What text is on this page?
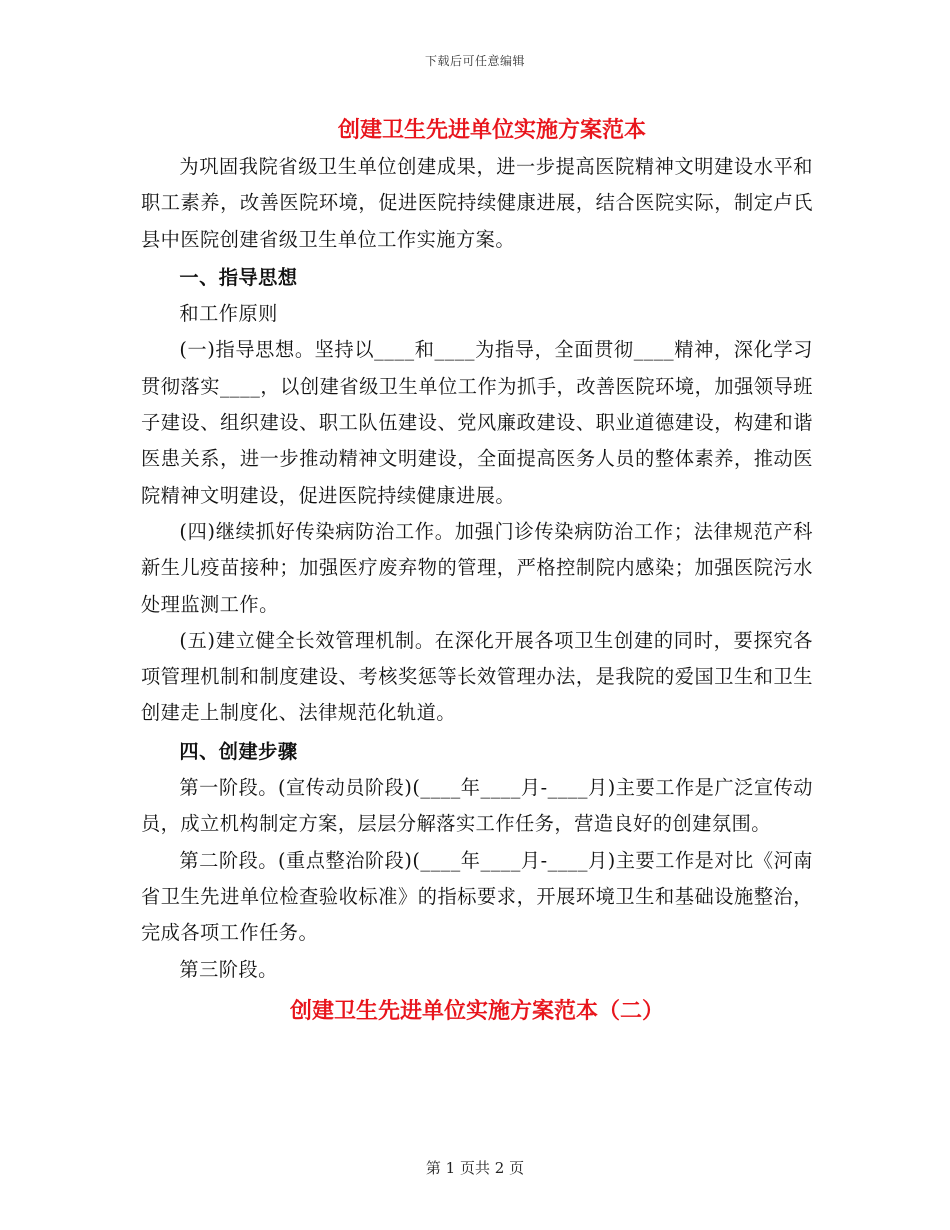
下载后可任意编辑
创建卫生先进单位实施方案范本

为巩固我院省级卫生单位创建成果，进一步提高医院精神文明建设水平和职工素养，改善医院环境，促进医院持续健康进展，结合医院实际，制定卢氏县中医院创建省级卫生单位工作实施方案。

一、指导思想

和工作原则

(一)指导思想。坚持以____和____为指导，全面贯彻____精神，深化学习贯彻落实____，以创建省级卫生单位工作为抓手，改善医院环境，加强领导班子建设、组织建设、职工队伍建设、党风廉政建设、职业道德建设，构建和谐医患关系，进一步推动精神文明建设，全面提高医务人员的整体素养，推动医院精神文明建设，促进医院持续健康进展。

(四)继续抓好传染病防治工作。加强门诊传染病防治工作；法律规范产科新生儿疫苗接种；加强医疗废弃物的管理，严格控制院内感染；加强医院污水处理监测工作。

(五)建立健全长效管理机制。在深化开展各项卫生创建的同时，要探究各项管理机制和制度建设、考核奖惩等长效管理办法，是我院的爱国卫生和卫生创建走上制度化、法律规范化轨道。

四、创建步骤

第一阶段。(宣传动员阶段)(____年____月-____月)主要工作是广泛宣传动员，成立机构制定方案，层层分解落实工作任务，营造良好的创建氛围。

第二阶段。(重点整治阶段)(____年____月-____月)主要工作是对比《河南省卫生先进单位检查验收标准》的指标要求，开展环境卫生和基础设施整治，完成各项工作任务。

第三阶段。

创建卫生先进单位实施方案范本（二）
第 1 页共 2 页
